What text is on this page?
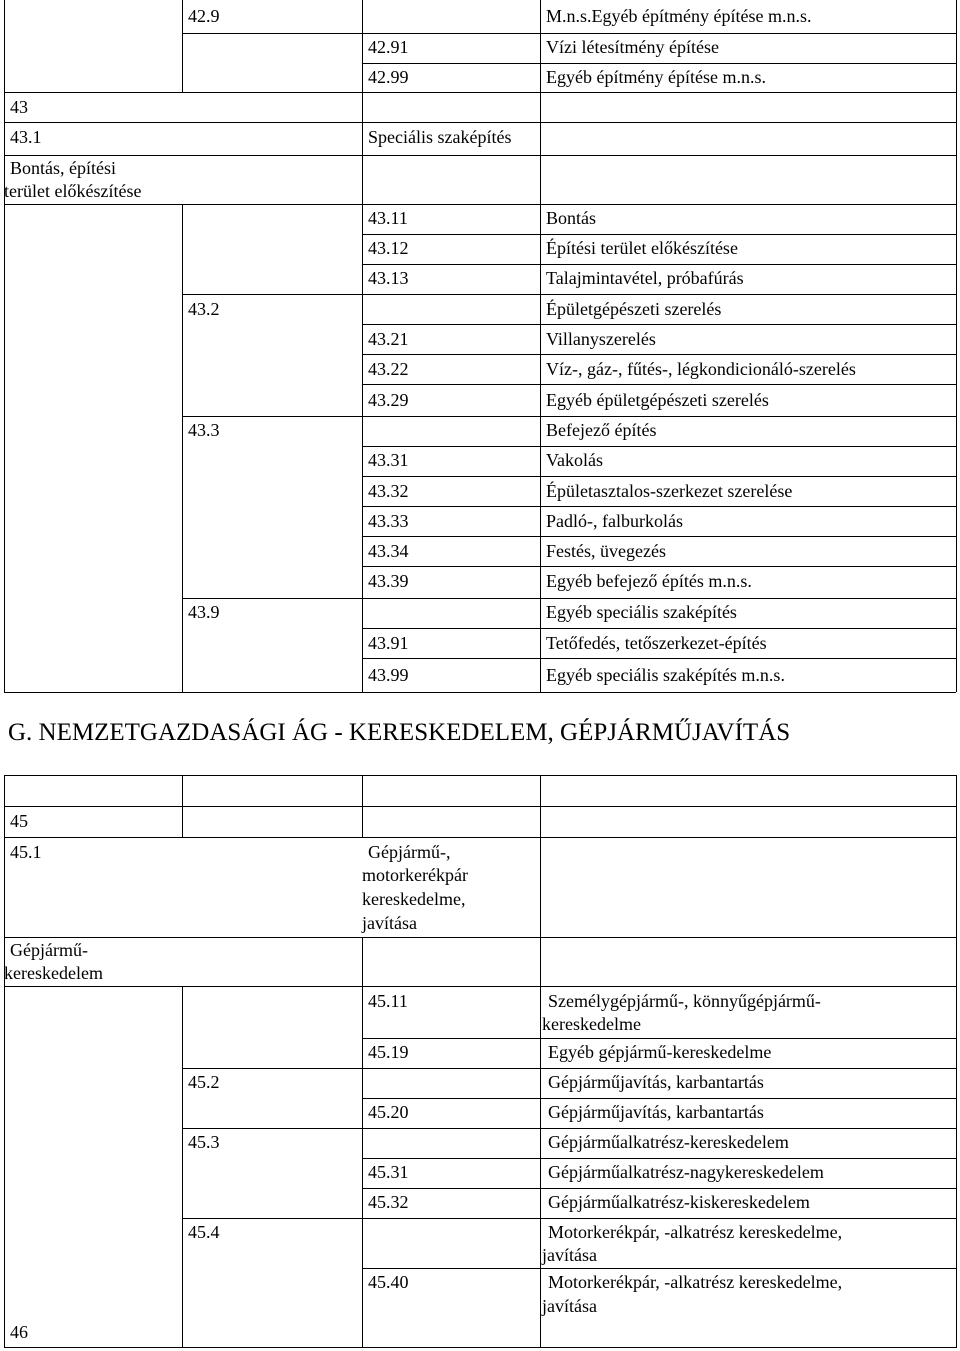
42.9	M.n.s.Egyéb építmény építése m.n.s.
42.91	Vízi létesítmény építése
42.99	Egyéb építmény építése m.n.s.
43
43.1	Speciális szaképítés
Bontás, építési
terület előkészítése
43.11	Bontás
43.12	Építési terület előkészítése
43.13	Talajmintavétel, próbafúrás
43.2	Épületgépészeti szerelés
43.21	Villanyszerelés
43.22	Víz-, gáz-, fűtés-, légkondicionáló-szerelés
43.29	Egyéb épületgépészeti szerelés
43.3	Befejező építés
43.31	Vakolás
43.32	Épületasztalos-szerkezet szerelése
43.33	Padló-, falburkolás
43.34	Festés, üvegezés
43.39	Egyéb befejező építés m.n.s.
43.9	Egyéb speciális szaképítés
43.91	Tetőfedés, tetőszerkezet-építés
43.99	Egyéb speciális szaképítés m.n.s.
G. NEMZETGAZDASÁGI ÁG - KERESKEDELEM, GÉPJÁRMŰJAVÍTÁS
45
45.1	Gépjármű-,
motorkerékpár
kereskedelme,
javítása
Gépjármű-
kereskedelem
45.11	Személygépjármű-, könnyűgépjármű-
kereskedelme
45.19	Egyéb gépjármű-kereskedelme
45.2	Gépjárműjavítás, karbantartás
45.20	Gépjárműjavítás, karbantartás
45.3	Gépjárműalkatrész-kereskedelem
45.31	Gépjárműalkatrész-nagykereskedelem
45.32	Gépjárműalkatrész-kiskereskedelem
45.4	Motorkerékpár, -alkatrész kereskedelme,
javítása
45.40	Motorkerékpár, -alkatrész kereskedelme,
javítása
46
